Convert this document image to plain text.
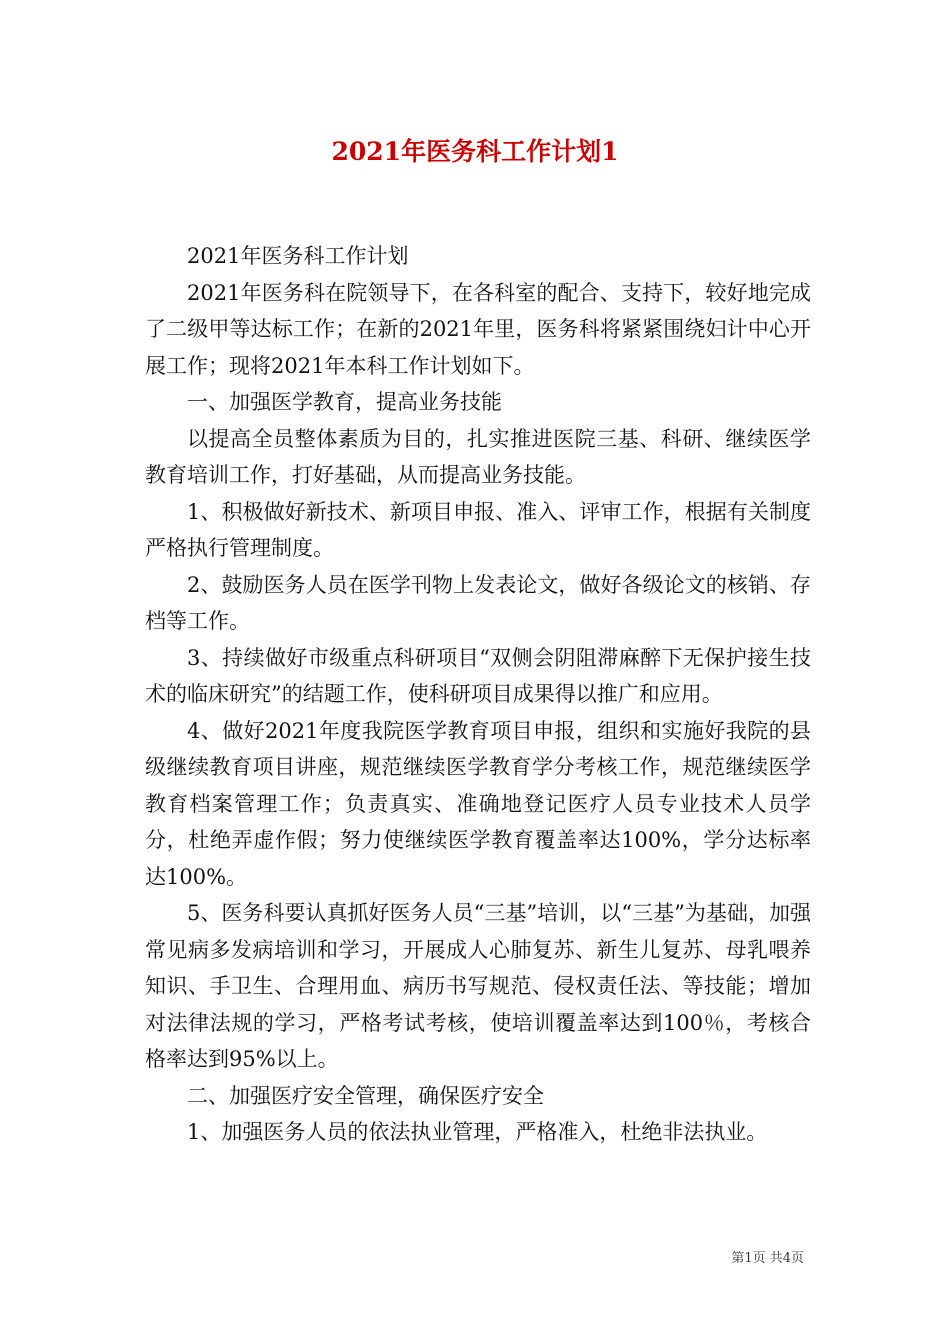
2021年医务科工作计划1

2021年医务科工作计划

2021年医务科在院领导下，在各科室的配合、支持下，较好地完成了二级甲等达标工作；在新的2021年里，医务科将紧紧围绕妇计中心开展工作；现将2021年本科工作计划如下。

一、加强医学教育，提高业务技能

以提高全员整体素质为目的，扎实推进医院三基、科研、继续医学教育培训工作，打好基础，从而提高业务技能。

1、积极做好新技术、新项目申报、准入、评审工作，根据有关制度严格执行管理制度。

2、鼓励医务人员在医学刊物上发表论文，做好各级论文的核销、存档等工作。

3、持续做好市级重点科研项目“双侧会阴阻滞麻醉下无保护接生技术的临床研究”的结题工作，使科研项目成果得以推广和应用。

4、做好2021年度我院医学教育项目申报，组织和实施好我院的县级继续教育项目讲座，规范继续医学教育学分考核工作，规范继续医学教育档案管理工作；负责真实、准确地登记医疗人员专业技术人员学分，杜绝弄虚作假；努力使继续医学教育覆盖率达100%，学分达标率达100%。

5、医务科要认真抓好医务人员“三基”培训，以“三基”为基础，加强常见病多发病培训和学习，开展成人心肺复苏、新生儿复苏、母乳喂养知识、手卫生、合理用血、病历书写规范、侵权责任法、等技能；增加对法律法规的学习，严格考试考核，使培训覆盖率达到100％，考核合格率达到95%以上。

二、加强医疗安全管理，确保医疗安全

1、加强医务人员的依法执业管理，严格准入，杜绝非法执业。

第1页 共4页
